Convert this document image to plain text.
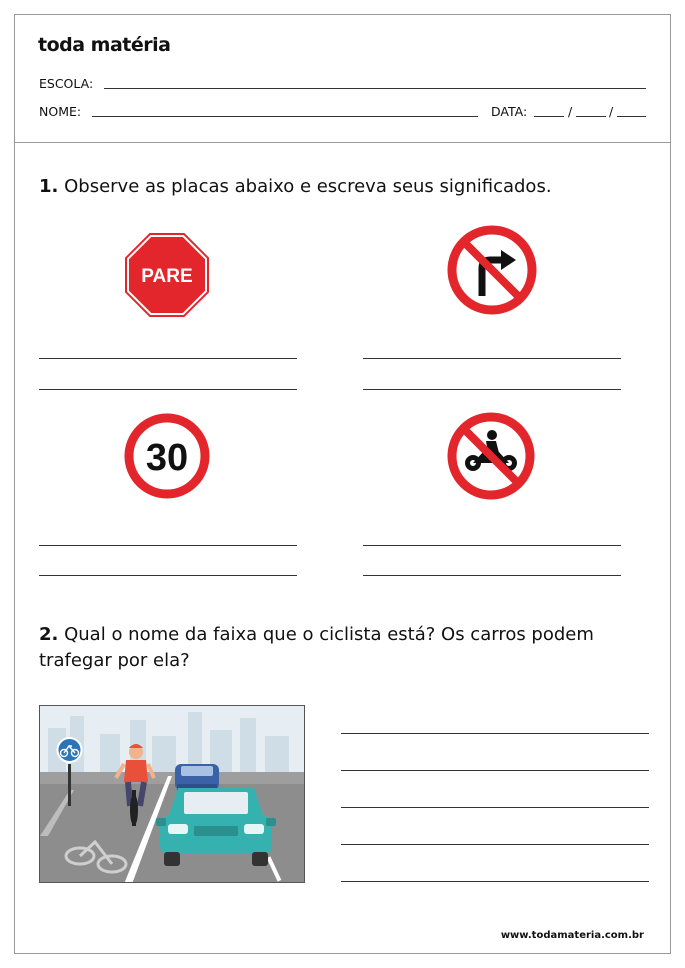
toda matéria
ESCOLA:
NOME:	DATA:	/	/
1. Observe as placas abaixo e escreva seus significados.
PARE
30
2. Qual o nome da faixa que o ciclista está? Os carros podem
trafegar por ela?
www.todamateria.com.br
